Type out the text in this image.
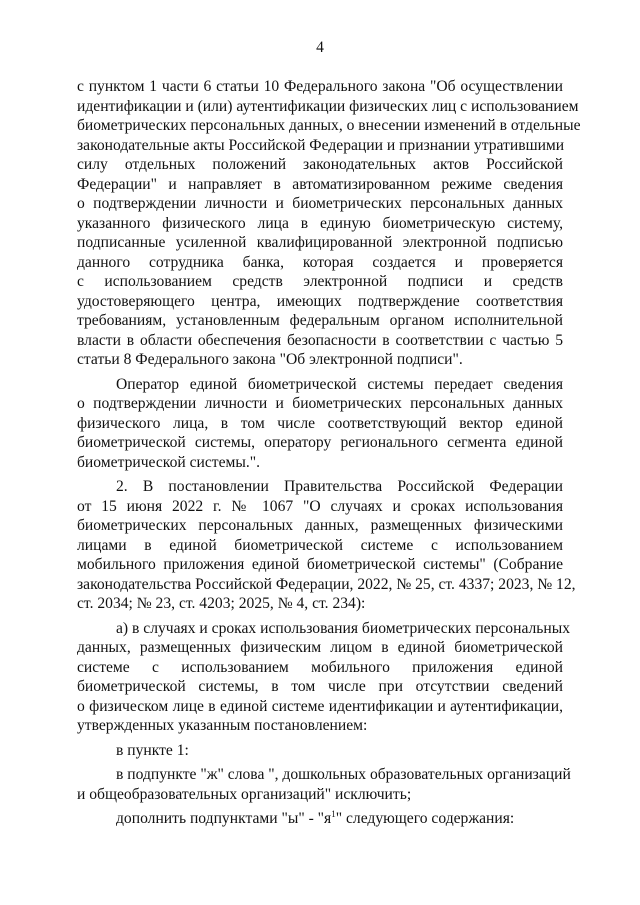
4
с пунктом 1 части 6 статьи 10 Федерального закона "Об осуществлении
идентификации и (или) аутентификации физических лиц с использованием
биометрических персональных данных, о внесении изменений в отдельные
законодательные акты Российской Федерации и признании утратившими
силу отдельных положений законодательных актов Российской
Федерации" и направляет в автоматизированном режиме сведения
о подтверждении личности и биометрических персональных данных
указанного физического лица в единую биометрическую систему,
подписанные усиленной квалифицированной электронной подписью
данного сотрудника банка, которая создается и проверяется
с использованием средств электронной подписи и средств
удостоверяющего центра, имеющих подтверждение соответствия
требованиям, установленным федеральным органом исполнительной
власти в области обеспечения безопасности в соответствии с частью 5
статьи 8 Федерального закона "Об электронной подписи".
Оператор единой биометрической системы передает сведения
о подтверждении личности и биометрических персональных данных
физического лица, в том числе соответствующий вектор единой
биометрической системы, оператору регионального сегмента единой
биометрической системы.".
2. В постановлении Правительства Российской Федерации
от 15 июня 2022 г. № 1067 "О случаях и сроках использования
биометрических персональных данных, размещенных физическими
лицами в единой биометрической системе с использованием
мобильного приложения единой биометрической системы" (Собрание
законодательства Российской Федерации, 2022, № 25, ст. 4337; 2023, № 12,
ст. 2034; № 23, ст. 4203; 2025, № 4, ст. 234):
а) в случаях и сроках использования биометрических персональных
данных, размещенных физическим лицом в единой биометрической
системе с использованием мобильного приложения единой
биометрической системы, в том числе при отсутствии сведений
о физическом лице в единой системе идентификации и аутентификации,
утвержденных указанным постановлением:
в пункте 1:
в подпункте "ж" слова ", дошкольных образовательных организаций
и общеобразовательных организаций" исключить;
дополнить подпунктами "ы" - "$я^1$" следующего содержания:
